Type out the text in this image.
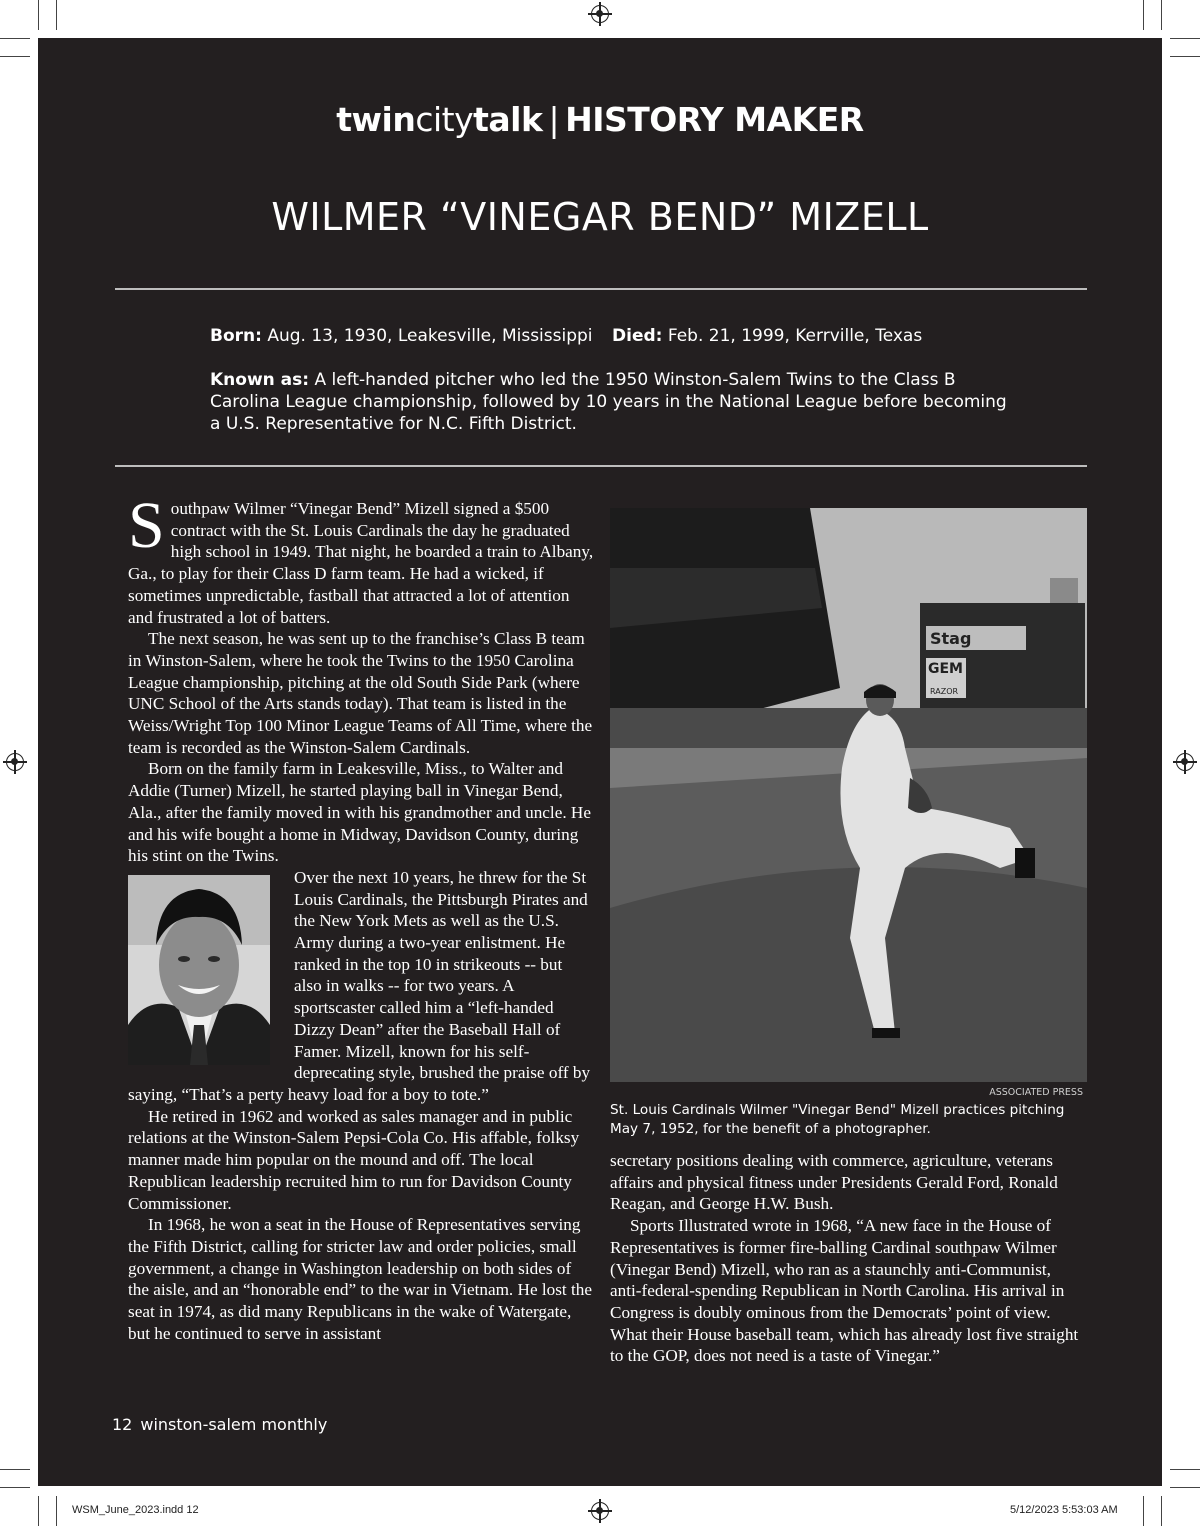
WSM_June_2023.indd 12	5/12/2023 5:53:03 AM
twincitytalk | HISTORY MAKER
WILMER “VINEGAR BEND” MIZELL
Born: Aug. 13, 1930, Leakesville, Mississippi Died: Feb. 21, 1999, Kerrville, Texas
Known as: A left-handed pitcher who led the 1950 Winston-Salem Twins to the Class B Carolina League championship, followed by 10 years in the National League before becoming a U.S. Representative for N.C. Fifth District.

Southpaw Wilmer “Vinegar Bend” Mizell signed a $500 contract with the St. Louis Cardinals the day he graduated high school in 1949. That night, he boarded a train to Albany, Ga., to play for their Class D farm team. He had a wicked, if sometimes unpredictable, fastball that attracted a lot of attention and frustrated a lot of batters.

The next season, he was sent up to the franchise’s Class B team in Winston-Salem, where he took the Twins to the 1950 Carolina League championship, pitching at the old South Side Park (where UNC School of the Arts stands today). That team is listed in the Weiss/Wright Top 100 Minor League Teams of All Time, where the team is recorded as the Winston-Salem Cardinals.

Born on the family farm in Leakesville, Miss., to Walter and Addie (Turner) Mizell, he started playing ball in Vinegar Bend, Ala., after the family moved in with his grandmother and uncle. He and his wife bought a home in Midway, Davidson County, during his stint on the Twins.

Over the next 10 years, he threw for the St Louis Cardinals, the Pittsburgh Pirates and the New York Mets as well as the U.S. Army during a two-year enlistment. He ranked in the top 10 in strikeouts -- but also in walks -- for two years. A sportscaster called him a “left-handed Dizzy Dean” after the Baseball Hall of Famer. Mizell, known for his self-deprecating style, brushed the praise off by saying, “That’s a perty heavy load for a boy to tote.”

He retired in 1962 and worked as sales manager and in public relations at the Winston-Salem Pepsi-Cola Co. His affable, folksy manner made him popular on the mound and off. The local Republican leadership recruited him to run for Davidson County Commissioner.

In 1968, he won a seat in the House of Representatives serving the Fifth District, calling for stricter law and order policies, small government, a change in Washington leadership on both sides of the aisle, and an “honorable end” to the war in Vietnam. He lost the seat in 1974, as did many Republicans in the wake of Watergate, but he continued to serve in assistant

Stag
GEM
RAZOR
ASSOCIATED PRESS
St. Louis Cardinals Wilmer "Vinegar Bend" Mizell practices pitching May 7, 1952, for the benefit of a photographer.

secretary positions dealing with commerce, agriculture, veterans affairs and physical fitness under Presidents Gerald Ford, Ronald Reagan, and George H.W. Bush.

Sports Illustrated wrote in 1968, “A new face in the House of Representatives is former fire-balling Cardinal southpaw Wilmer (Vinegar Bend) Mizell, who ran as a staunchly anti-Communist, anti-federal-spending Republican in North Carolina. His arrival in Congress is doubly ominous from the Democrats’ point of view. What their House baseball team, which has already lost five straight to the GOP, does not need is a taste of Vinegar.”

12 winston-salem monthly
